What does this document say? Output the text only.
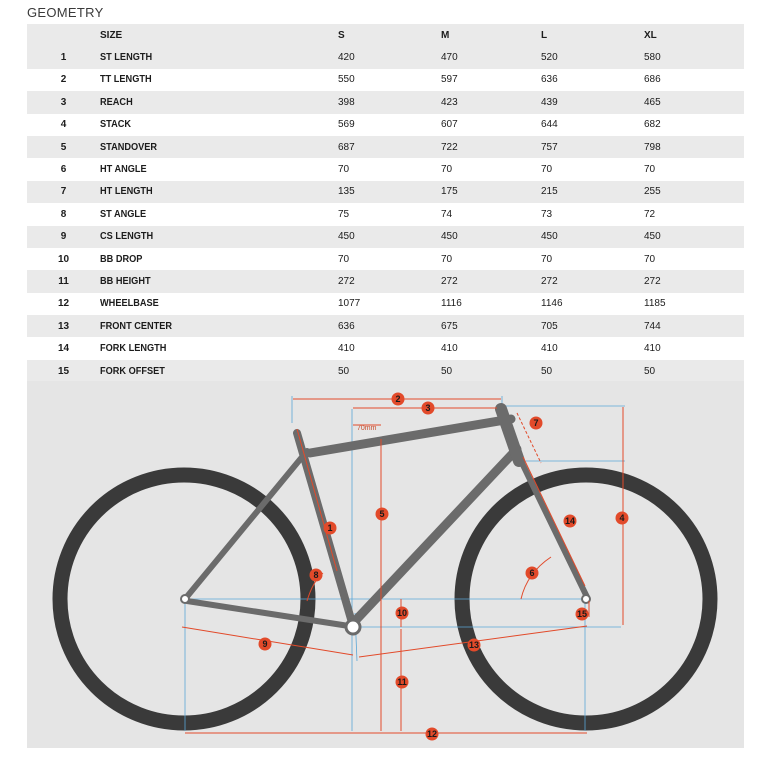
GEOMETRY
	SIZE	S	M	L	XL
1	ST LENGTH	420	470	520	580
2	TT LENGTH	550	597	636	686
3	REACH	398	423	439	465
4	STACK	569	607	644	682
5	STANDOVER	687	722	757	798
6	HT ANGLE	70	70	70	70
7	HT LENGTH	135	175	215	255
8	ST ANGLE	75	74	73	72
9	CS LENGTH	450	450	450	450
10	BB DROP	70	70	70	70
11	BB HEIGHT	272	272	272	272
12	WHEELBASE	1077	1116	1146	1185
13	FRONT CENTER	636	675	705	744
14	FORK LENGTH	410	410	410	410
15	FORK OFFSET	50	50	50	50
70mm
1
2
3
4
5
6
7
8
9
10
11
12
13
14
15
